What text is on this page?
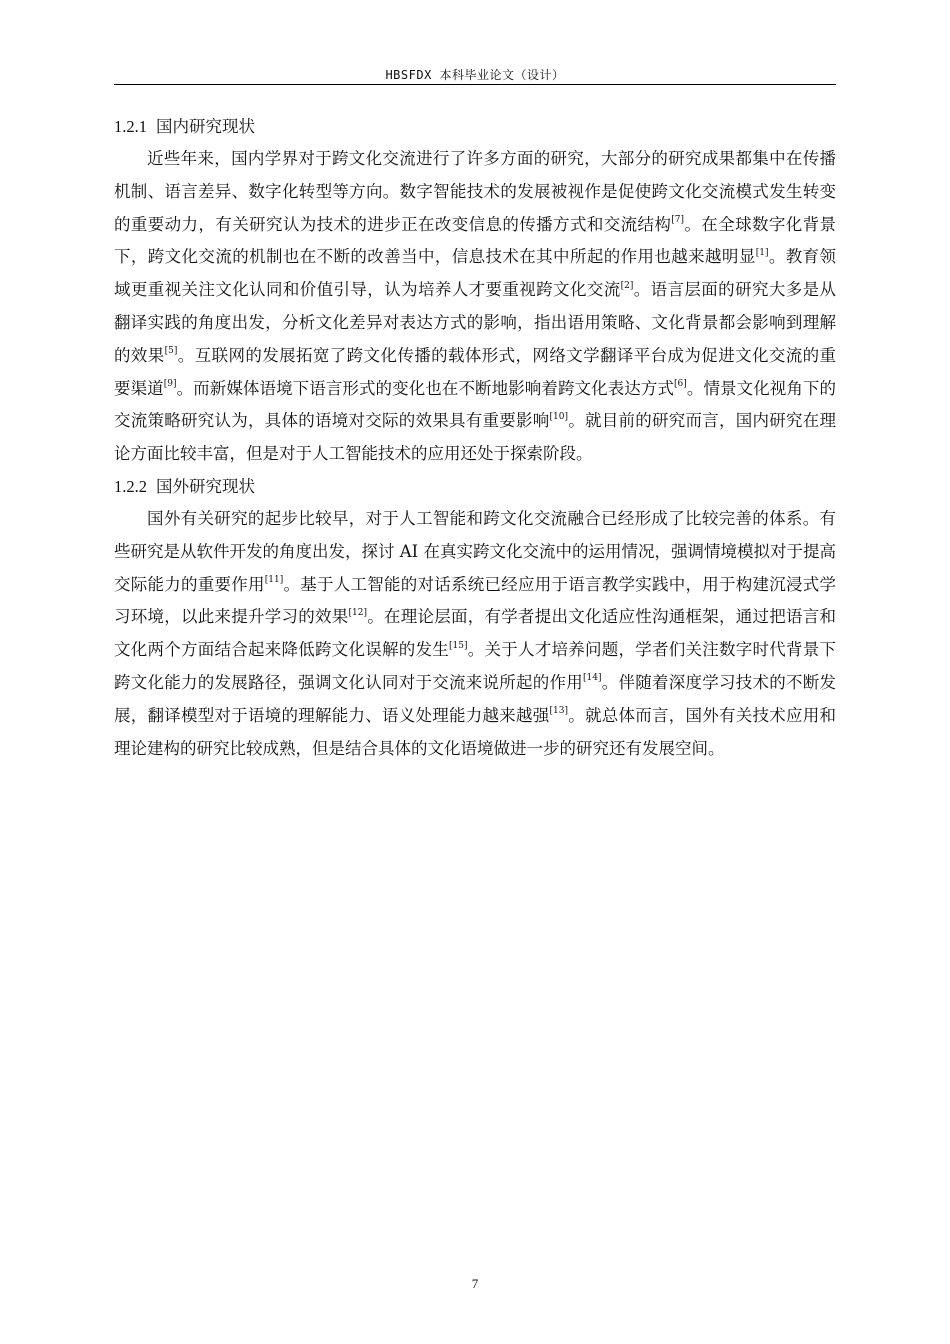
HBSFDX 本科毕业论文（设计）
1.2.1 国内研究现状

近些年来，国内学界对于跨文化交流进行了许多方面的研究，大部分的研究成果都集中在传播机制、语言差异、数字化转型等方向。数字智能技术的发展被视作是促使跨文化交流模式发生转变的重要动力，有关研究认为技术的进步正在改变信息的传播方式和交流结构[7]。在全球数字化背景下，跨文化交流的机制也在不断的改善当中，信息技术在其中所起的作用也越来越明显[1]。教育领域更重视关注文化认同和价值引导，认为培养人才要重视跨文化交流[2]。语言层面的研究大多是从翻译实践的角度出发，分析文化差异对表达方式的影响，指出语用策略、文化背景都会影响到理解的效果[5]。互联网的发展拓宽了跨文化传播的载体形式，网络文学翻译平台成为促进文化交流的重要渠道[9]。而新媒体语境下语言形式的变化也在不断地影响着跨文化表达方式[6]。情景文化视角下的交流策略研究认为，具体的语境对交际的效果具有重要影响[10]。就目前的研究而言，国内研究在理论方面比较丰富，但是对于人工智能技术的应用还处于探索阶段。

1.2.2 国外研究现状

国外有关研究的起步比较早，对于人工智能和跨文化交流融合已经形成了比较完善的体系。有些研究是从软件开发的角度出发，探讨 AI 在真实跨文化交流中的运用情况，强调情境模拟对于提高交际能力的重要作用[11]。基于人工智能的对话系统已经应用于语言教学实践中，用于构建沉浸式学习环境，以此来提升学习的效果[12]。在理论层面，有学者提出文化适应性沟通框架，通过把语言和文化两个方面结合起来降低跨文化误解的发生[15]。关于人才培养问题，学者们关注数字时代背景下跨文化能力的发展路径，强调文化认同对于交流来说所起的作用[14]。伴随着深度学习技术的不断发展，翻译模型对于语境的理解能力、语义处理能力越来越强[13]。就总体而言，国外有关技术应用和理论建构的研究比较成熟，但是结合具体的文化语境做进一步的研究还有发展空间。

7
